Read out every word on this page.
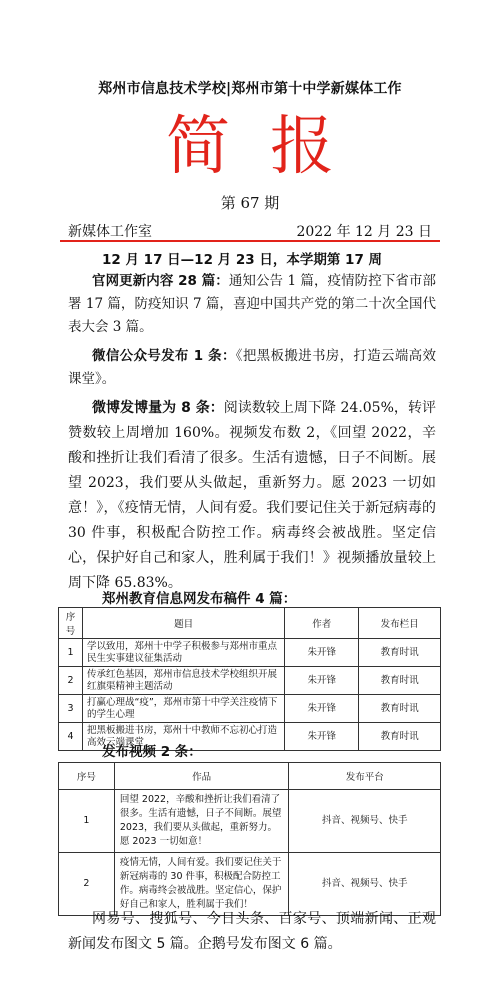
郑州市信息技术学校|郑州市第十中学新媒体工作
简报
第 67 期
新媒体工作室	2022 年 12 月 23 日
12 月 17 日—12 月 23 日，本学期第 17 周
官网更新内容 28 篇：通知公告 1 篇，疫情防控下省市部署 17 篇，防疫知识 7 篇，喜迎中国共产党的第二十次全国代表大会 3 篇。
微信公众号发布 1 条：《把黑板搬进书房，打造云端高效课堂》。
微博发博量为 8 条：阅读数较上周下降 24.05%，转评赞数较上周增加 160%。视频发布数 2，《回望 2022，辛酸和挫折让我们看清了很多。生活有遗憾，日子不间断。展望 2023，我们要从头做起，重新努力。愿 2023 一切如意！》，《疫情无情，人间有爱。我们要记住关于新冠病毒的 30 件事，积极配合防控工作。病毒终会被战胜。坚定信心，保护好自己和家人，胜利属于我们！》视频播放量较上周下降 65.83%。
郑州教育信息网发布稿件 4 篇：
序号	题目	作者	发布栏目
1	学以致用，郑州十中学子积极参与郑州市重点民生实事建议征集活动	朱开锋	教育时讯
2	传承红色基因，郑州市信息技术学校组织开展红旗渠精神主题活动	朱开锋	教育时讯
3	打赢心理战“疫”，郑州市第十中学关注疫情下的学生心理	朱开锋	教育时讯
4	把黑板搬进书房，郑州十中教师不忘初心打造高效云端课堂	朱开锋	教育时讯
发布视频 2 条：
序号	作品	发布平台
1	回望 2022，辛酸和挫折让我们看清了很多。生活有遗憾，日子不间断。展望 2023，我们要从头做起，重新努力。愿 2023 一切如意！	抖音、视频号、快手
2	疫情无情，人间有爱。我们要记住关于新冠病毒的 30 件事，积极配合防控工作。病毒终会被战胜。坚定信心，保护好自己和家人，胜利属于我们！	抖音、视频号、快手
网易号、搜狐号、今日头条、百家号、顶端新闻、正观新闻发布图文 5 篇。企鹅号发布图文 6 篇。
